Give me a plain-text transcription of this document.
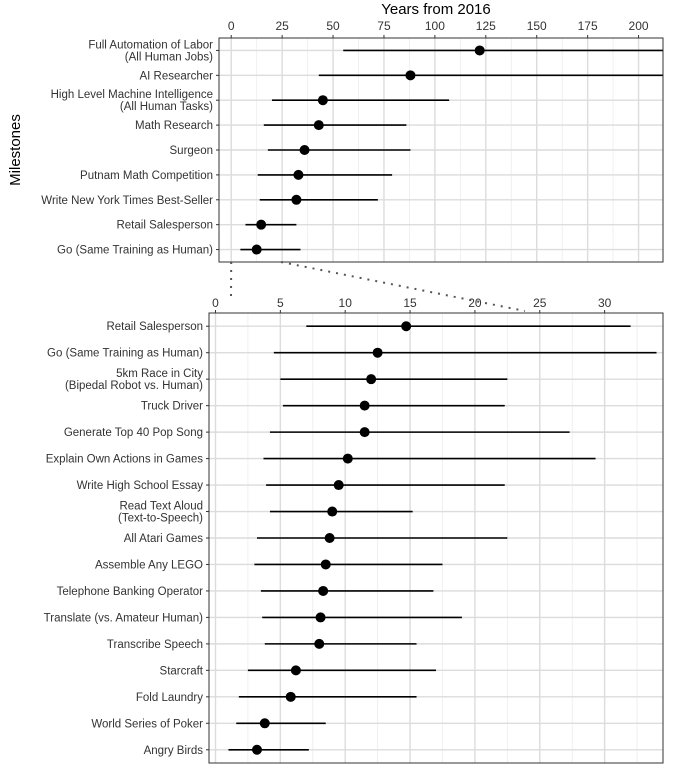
Years from 2016
Milestones
0	25	50	75	100	125	150	175	200
Full Automation of Labor (All Human Jobs)
AI Researcher
High Level Machine Intelligence (All Human Tasks)
Math Research
Surgeon
Putnam Math Competition
Write New York Times Best-Seller
Retail Salesperson
Go (Same Training as Human)
0	5	10	15	20	25	30
Retail Salesperson
Go (Same Training as Human)
5km Race in City (Bipedal Robot vs. Human)
Truck Driver
Generate Top 40 Pop Song
Explain Own Actions in Games
Write High School Essay
Read Text Aloud (Text-to-Speech)
All Atari Games
Assemble Any LEGO
Telephone Banking Operator
Translate (vs. Amateur Human)
Transcribe Speech
Starcraft
Fold Laundry
World Series of Poker
Angry Birds
